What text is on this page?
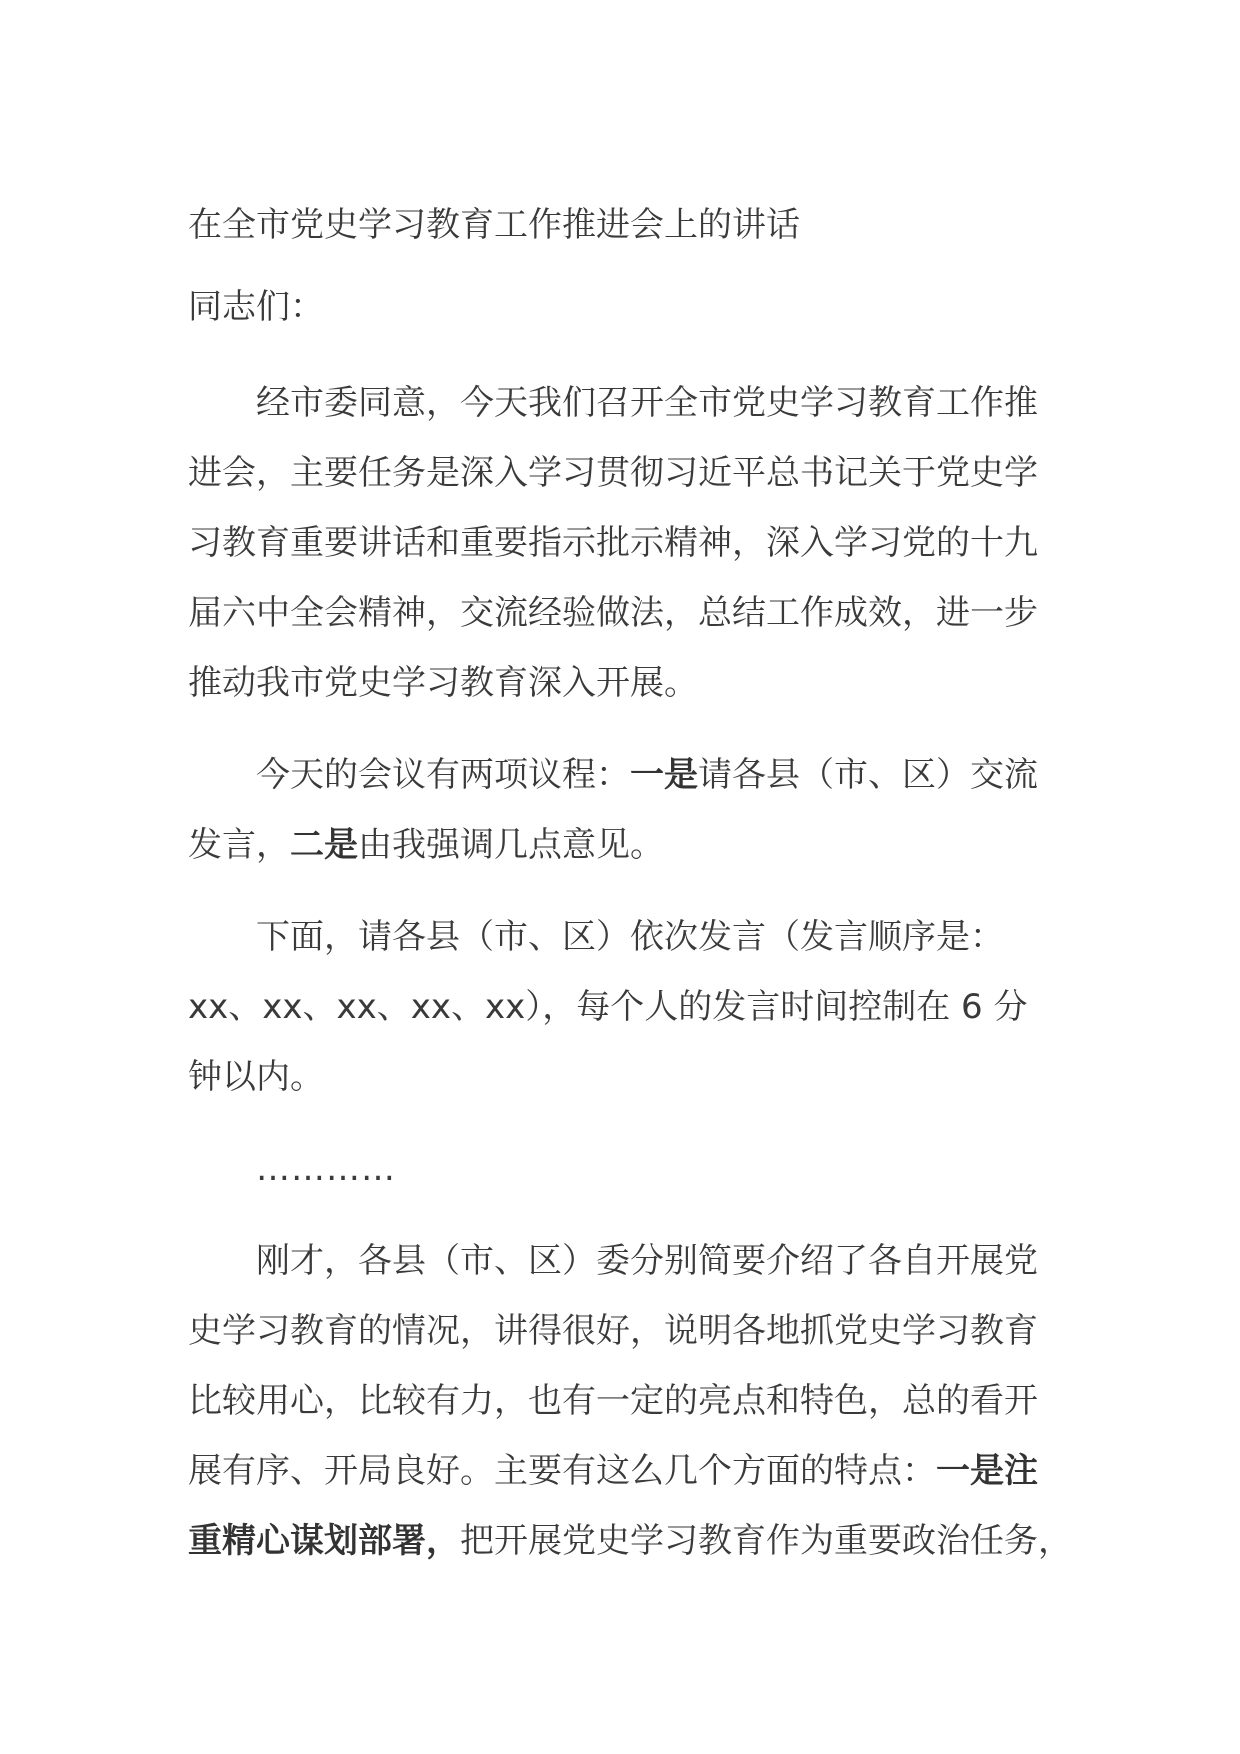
在全市党史学习教育工作推进会上的讲话
同志们：
经市委同意，今天我们召开全市党史学习教育工作推
进会，主要任务是深入学习贯彻习近平总书记关于党史学
习教育重要讲话和重要指示批示精神，深入学习党的十九
届六中全会精神，交流经验做法，总结工作成效，进一步
推动我市党史学习教育深入开展。
今天的会议有两项议程：一是请各县（市、区）交流
发言，二是由我强调几点意见。
下面，请各县（市、区）依次发言（发言顺序是：
xx、xx、xx、xx、xx），每个人的发言时间控制在 6 分
钟以内。
…………
刚才，各县（市、区）委分别简要介绍了各自开展党
史学习教育的情况，讲得很好，说明各地抓党史学习教育
比较用心，比较有力，也有一定的亮点和特色，总的看开
展有序、开局良好。主要有这么几个方面的特点：一是注
重精心谋划部署，把开展党史学习教育作为重要政治任务，
